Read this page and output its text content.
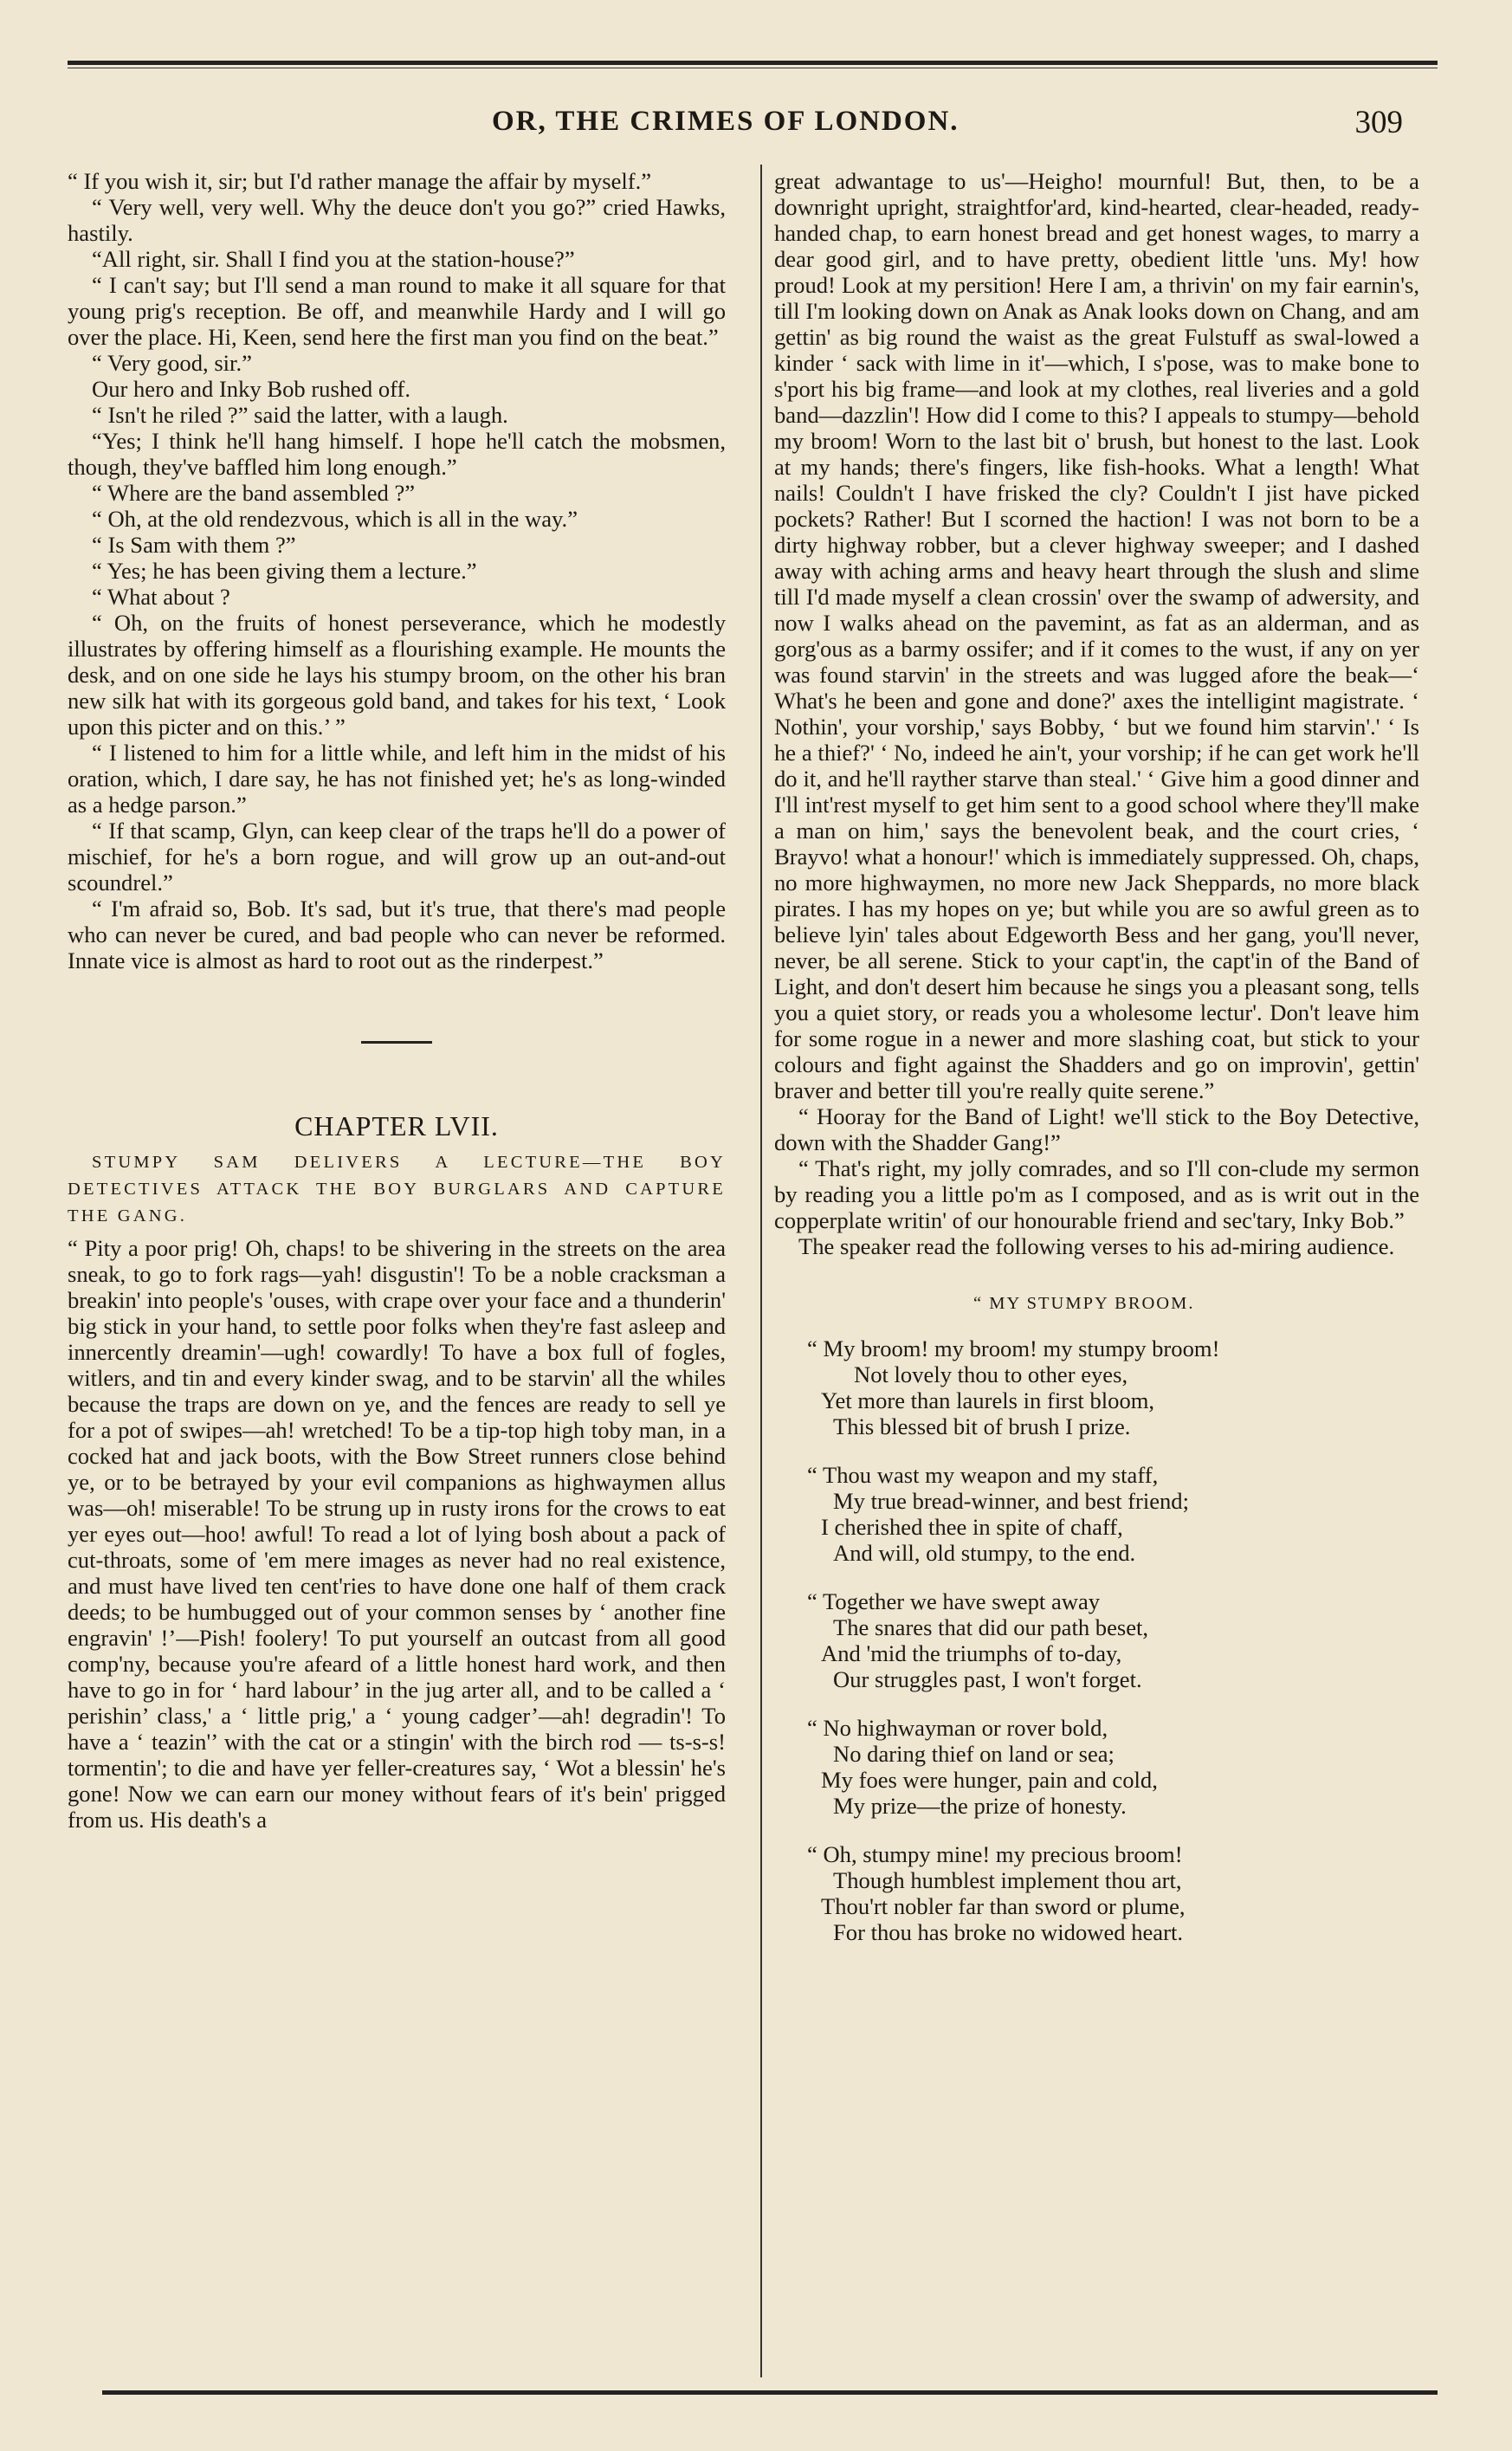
OR, THE CRIMES OF LONDON.	309

“ If you wish it, sir; but I'd rather manage the affair by myself.”

“ Very well, very well. Why the deuce don't you go?” cried Hawks, hastily.

“All right, sir. Shall I find you at the station-house?”

“ I can't say; but I'll send a man round to make it all square for that young prig's reception. Be off, and meanwhile Hardy and I will go over the place. Hi, Keen, send here the first man you find on the beat.”

“ Very good, sir.”

Our hero and Inky Bob rushed off.

“ Isn't he riled ?” said the latter, with a laugh.

“Yes; I think he'll hang himself. I hope he'll catch the mobsmen, though, they've baffled him long enough.”

“ Where are the band assembled ?”

“ Oh, at the old rendezvous, which is all in the way.”

“ Is Sam with them ?”

“ Yes; he has been giving them a lecture.”

“ What about ?

“ Oh, on the fruits of honest perseverance, which he modestly illustrates by offering himself as a flourishing example. He mounts the desk, and on one side he lays his stumpy broom, on the other his bran new silk hat with its gorgeous gold band, and takes for his text, ‘ Look upon this picter and on this.’ ”

“ I listened to him for a little while, and left him in the midst of his oration, which, I dare say, he has not finished yet; he's as long-winded as a hedge parson.”

“ If that scamp, Glyn, can keep clear of the traps he'll do a power of mischief, for he's a born rogue, and will grow up an out-and-out scoundrel.”

“ I'm afraid so, Bob. It's sad, but it's true, that there's mad people who can never be cured, and bad people who can never be reformed. Innate vice is almost as hard to root out as the rinderpest.”

CHAPTER LVII.
STUMPY SAM DELIVERS A LECTURE—THE BOY DETECTIVES ATTACK THE BOY BURGLARS AND CAPTURE THE GANG.

“ Pity a poor prig! Oh, chaps! to be shivering in the streets on the area sneak, to go to fork rags—yah! disgustin'! To be a noble cracksman a breakin' into people's 'ouses, with crape over your face and a thunderin' big stick in your hand, to settle poor folks when they're fast asleep and innercently dreamin'—ugh! cowardly! To have a box full of fogles, witlers, and tin and every kinder swag, and to be starvin' all the whiles because the traps are down on ye, and the fences are ready to sell ye for a pot of swipes—ah! wretched! To be a tip-top high toby man, in a cocked hat and jack boots, with the Bow Street runners close behind ye, or to be betrayed by your evil companions as highwaymen allus was—oh! miserable! To be strung up in rusty irons for the crows to eat yer eyes out—hoo! awful! To read a lot of lying bosh about a pack of cut-throats, some of 'em mere images as never had no real existence, and must have lived ten cent'ries to have done one half of them crack deeds; to be humbugged out of your common senses by ‘ another fine engravin' !’—Pish! foolery! To put yourself an outcast from all good comp'ny, because you're afeard of a little honest hard work, and then have to go in for ‘ hard labour’ in the jug arter all, and to be called a ‘ perishin’ class,' a ‘ little prig,' a ‘ young cadger’—ah! degradin'! To have a ‘ teazin'’ with the cat or a stingin' with the birch rod — ts-s-s! tormentin'; to die and have yer feller-creatures say, ‘ Wot a blessin' he's gone! Now we can earn our money without fears of it's bein' prigged from us. His death's a

great adwantage to us'—Heigho! mournful! But, then, to be a downright upright, straightfor'ard, kind-hearted, clear-headed, ready-handed chap, to earn honest bread and get honest wages, to marry a dear good girl, and to have pretty, obedient little 'uns. My! how proud! Look at my persition! Here I am, a thrivin' on my fair earnin's, till I'm looking down on Anak as Anak looks down on Chang, and am gettin' as big round the waist as the great Fulstuff as swal-lowed a kinder ‘ sack with lime in it'—which, I s'pose, was to make bone to s'port his big frame—and look at my clothes, real liveries and a gold band—dazzlin'! How did I come to this? I appeals to stumpy—behold my broom! Worn to the last bit o' brush, but honest to the last. Look at my hands; there's fingers, like fish-hooks. What a length! What nails! Couldn't I have frisked the cly? Couldn't I jist have picked pockets? Rather! But I scorned the haction! I was not born to be a dirty highway robber, but a clever highway sweeper; and I dashed away with aching arms and heavy heart through the slush and slime till I'd made myself a clean crossin' over the swamp of adwersity, and now I walks ahead on the pavemint, as fat as an alderman, and as gorg'ous as a barmy ossifer; and if it comes to the wust, if any on yer was found starvin' in the streets and was lugged afore the beak—‘ What's he been and gone and done?' axes the intelligint magistrate. ‘ Nothin', your vorship,' says Bobby, ‘ but we found him starvin'.' ‘ Is he a thief?' ‘ No, indeed he ain't, your vorship; if he can get work he'll do it, and he'll rayther starve than steal.' ‘ Give him a good dinner and I'll int'rest myself to get him sent to a good school where they'll make a man on him,' says the benevolent beak, and the court cries, ‘ Brayvo! what a honour!' which is immediately suppressed. Oh, chaps, no more highwaymen, no more new Jack Sheppards, no more black pirates. I has my hopes on ye; but while you are so awful green as to believe lyin' tales about Edgeworth Bess and her gang, you'll never, never, be all serene. Stick to your capt'in, the capt'in of the Band of Light, and don't desert him because he sings you a pleasant song, tells you a quiet story, or reads you a wholesome lectur'. Don't leave him for some rogue in a newer and more slashing coat, but stick to your colours and fight against the Shadders and go on improvin', gettin' braver and better till you're really quite serene.”

“ Hooray for the Band of Light! we'll stick to the Boy Detective, down with the Shadder Gang!”

“ That's right, my jolly comrades, and so I'll con-clude my sermon by reading you a little po'm as I composed, and as is writ out in the copperplate writin' of our honourable friend and sec'tary, Inky Bob.”

The speaker read the following verses to his ad-miring audience.

“ MY STUMPY BROOM.
“ My broom! my broom! my stumpy broom!
Not lovely thou to other eyes,
Yet more than laurels in first bloom,
This blessed bit of brush I prize.
“ Thou wast my weapon and my staff,
My true bread-winner, and best friend;
I cherished thee in spite of chaff,
And will, old stumpy, to the end.
“ Together we have swept away
The snares that did our path beset,
And 'mid the triumphs of to-day,
Our struggles past, I won't forget.
“ No highwayman or rover bold,
No daring thief on land or sea;
My foes were hunger, pain and cold,
My prize—the prize of honesty.
“ Oh, stumpy mine! my precious broom!
Though humblest implement thou art,
Thou'rt nobler far than sword or plume,
For thou has broke no widowed heart.
